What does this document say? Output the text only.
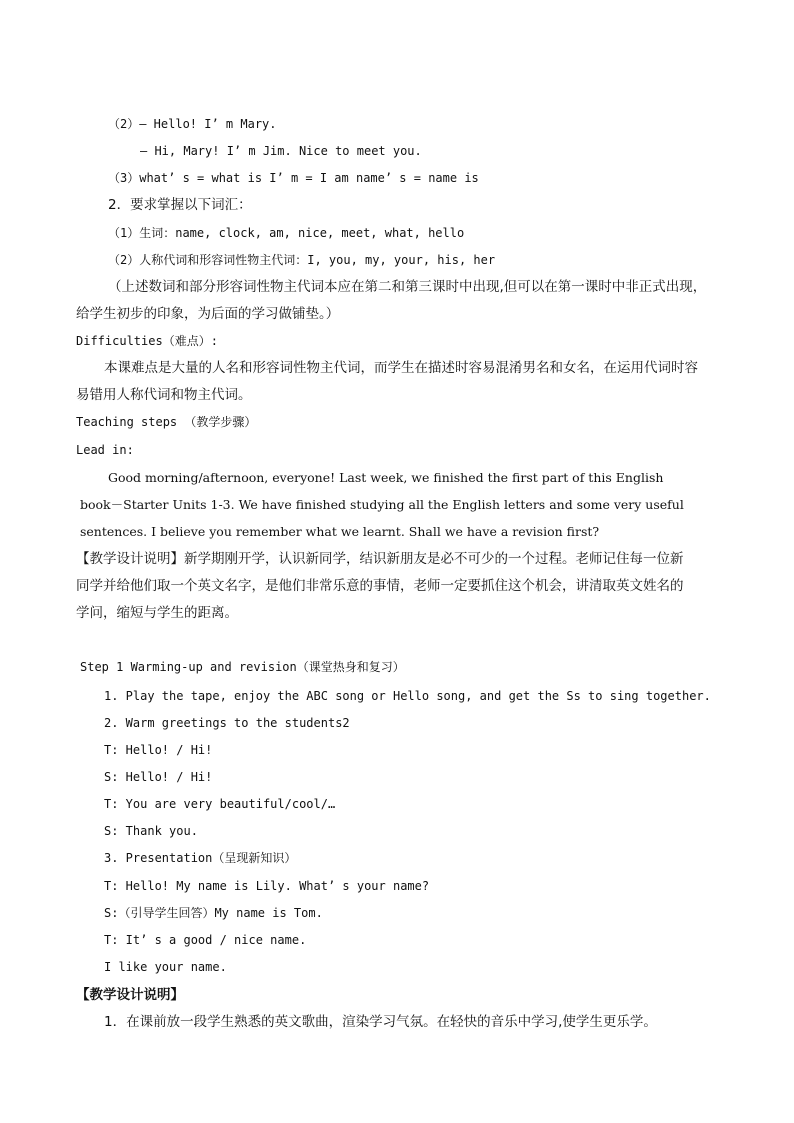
（2）— Hello! I’ m Mary.
— Hi, Mary! I’ m Jim. Nice to meet you.
（3）what’ s = what is I’ m = I am name’ s = name is
2．要求掌握以下词汇：
（1）生词：name, clock, am, nice, meet, what, hello
（2）人称代词和形容词性物主代词：I, you, my, your, his, her
（上述数词和部分形容词性物主代词本应在第二和第三课时中出现,但可以在第一课时中非正式出现，
给学生初步的印象，为后面的学习做铺垫。）
Difficulties（难点）:
本课难点是大量的人名和形容词性物主代词，而学生在描述时容易混淆男名和女名，在运用代词时容
易错用人称代词和物主代词。
Teaching steps （教学步骤）
Lead in:
Good morning/afternoon, everyone! Last week, we finished the first part of this English
book－Starter Units 1-3. We have finished studying all the English letters and some very useful
sentences. I believe you remember what we learnt. Shall we have a revision first?
【教学设计说明】新学期刚开学，认识新同学，结识新朋友是必不可少的一个过程。老师记住每一位新
同学并给他们取一个英文名字，是他们非常乐意的事情，老师一定要抓住这个机会，讲清取英文姓名的
学问，缩短与学生的距离。
Step 1 Warming-up and revision（课堂热身和复习）
1. Play the tape, enjoy the ABC song or Hello song, and get the Ss to sing together.
2. Warm greetings to the students2
T: Hello! / Hi!
S: Hello! / Hi!
T: You are very beautiful/cool/…
S: Thank you.
3. Presentation（呈现新知识）
T: Hello! My name is Lily. What’ s your name?
S:（引导学生回答）My name is Tom.
T: It’ s a good / nice name.
I like your name.
【教学设计说明】
1．在课前放一段学生熟悉的英文歌曲，渲染学习气氛。在轻快的音乐中学习,使学生更乐学。
